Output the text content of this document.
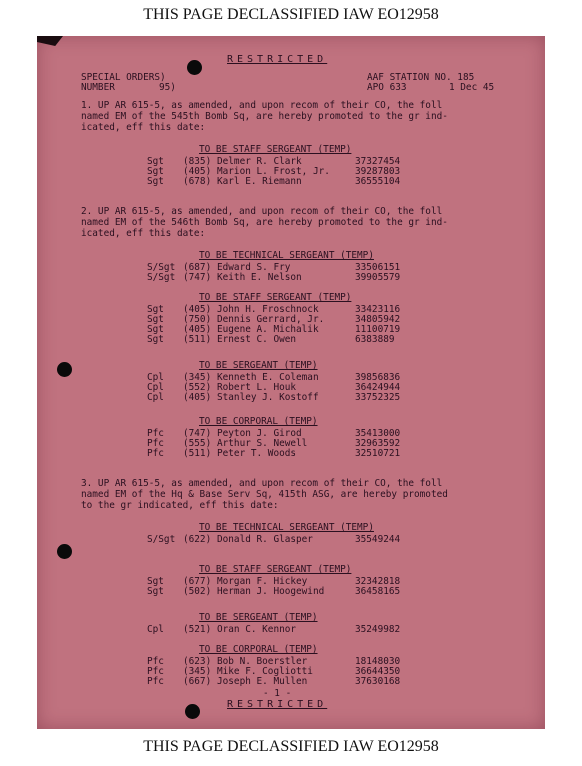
THIS PAGE DECLASSIFIED IAW EO12958
RESTRICTED
SPECIAL ORDERS)
NUMBER	95)
AAF STATION NO. 185
APO 633	1 Dec 45
1. UP AR 615-5, as amended, and upon recom of their CO, the foll
named EM of the 545th Bomb Sq, are hereby promoted to the gr ind-
icated, eff this date:
TO BE STAFF SERGEANT (TEMP)
Sgt (835) Delmer R. Clark	37327454
Sgt (405) Marion L. Frost, Jr.	39287803
Sgt (678) Karl E. Riemann	36555104
2. UP AR 615-5, as amended, and upon recom of their CO, the foll
named EM of the 546th Bomb Sq, are hereby promoted to the gr ind-
icated, eff this date:
TO BE TECHNICAL SERGEANT (TEMP)
S/Sgt (687) Edward S. Fry	33506151
S/Sgt (747) Keith E. Nelson	39905579
TO BE STAFF SERGEANT (TEMP)
Sgt (405) John H. Froschnock	33423116
Sgt (750) Dennis Gerrard, Jr.	34805942
Sgt (405) Eugene A. Michalik	11100719
Sgt (511) Ernest C. Owen	6383889
TO BE SERGEANT (TEMP)
Cpl (345) Kenneth E. Coleman	39856836
Cpl (552) Robert L. Houk	36424944
Cpl (405) Stanley J. Kostoff	33752325
TO BE CORPORAL (TEMP)
Pfc (747) Peyton J. Girod	35413000
Pfc (555) Arthur S. Newell	32963592
Pfc (511) Peter T. Woods	32510721
3. UP AR 615-5, as amended, and upon recom of their CO, the foll
named EM of the Hq & Base Serv Sq, 415th ASG, are hereby promoted
to the gr indicated, eff this date:
TO BE TECHNICAL SERGEANT (TEMP)
S/Sgt (622) Donald R. Glasper	35549244
TO BE STAFF SERGEANT (TEMP)
Sgt (677) Morgan F. Hickey	32342818
Sgt (502) Herman J. Hoogewind	36458165
TO BE SERGEANT (TEMP)
Cpl (521) Oran C. Kennor	35249982
TO BE CORPORAL (TEMP)
Pfc (623) Bob N. Boerstler	18148030
Pfc (345) Mike F. Cogliotti	36644350
Pfc (667) Joseph E. Mullen	37630168
- 1 -
RESTRICTED
THIS PAGE DECLASSIFIED IAW EO12958
